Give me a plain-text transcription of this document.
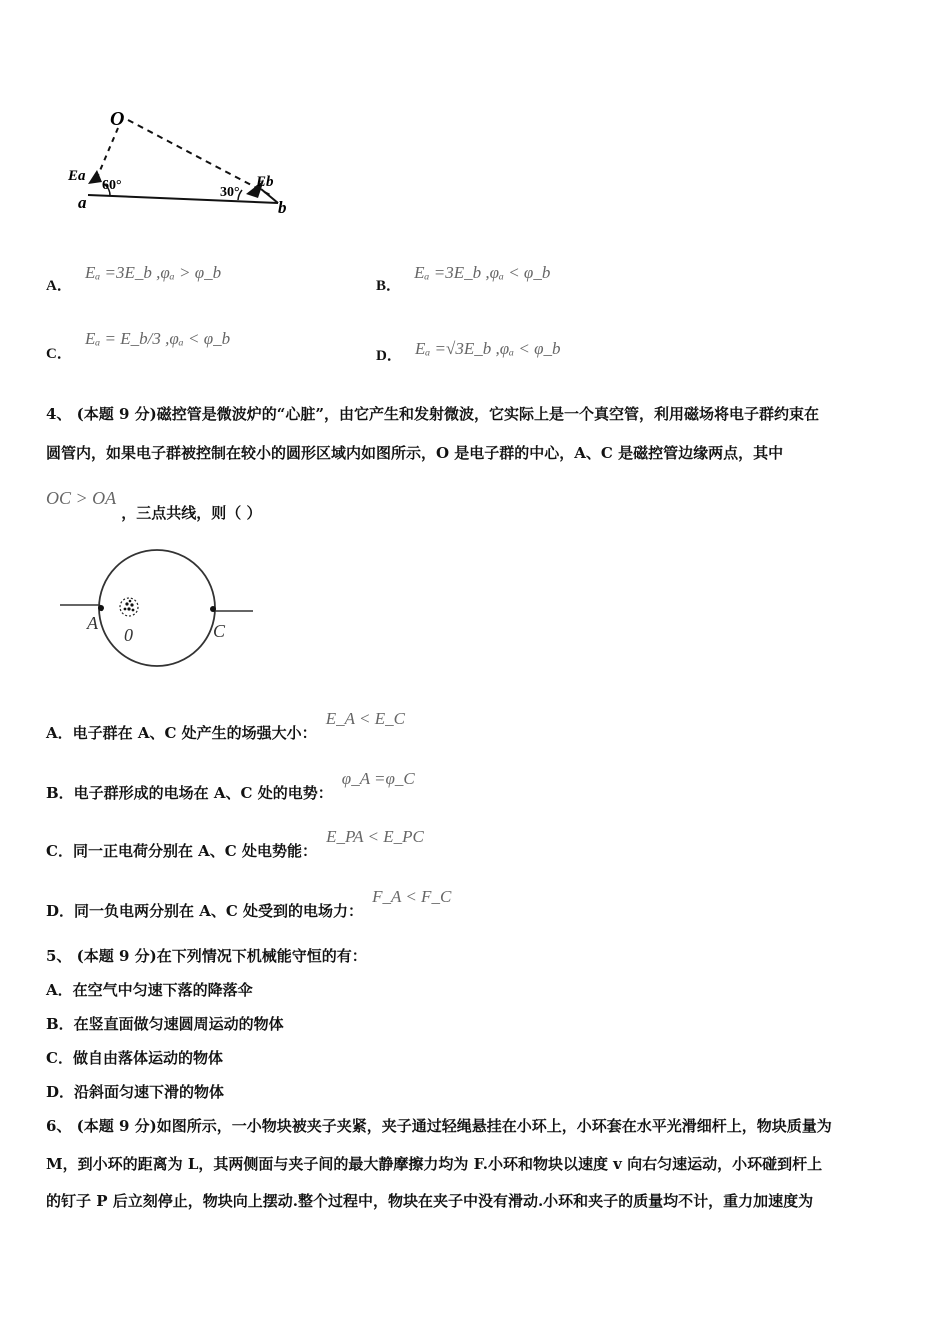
O
Ea
60°
a
30°
Eb
b
A． Eₐ =3E_b ,φₐ > φ_b
B． Eₐ =3E_b ,φₐ < φ_b
C． Eₐ = E_b/3 ,φₐ < φ_b
D． Eₐ =√3E_b ,φₐ < φ_b
4、 (本题 9 分)磁控管是微波炉的“心脏”，由它产生和发射微波，它实际上是一个真空管，利用磁场将电子群约束在
圆管内，如果电子群被控制在较小的圆形区域内如图所示，O 是电子群的中心，A、C 是磁控管边缘两点，其中
OC > OA ，三点共线，则（ ）
A
0	C
A．电子群在 A、C 处产生的场强大小： E_A < E_C
B．电子群形成的电场在 A、C 处的电势： φ_A =φ_C
C．同一正电荷分别在 A、C 处电势能： E_PA < E_PC
D．同一负电两分别在 A、C 处受到的电场力： F_A < F_C
5、 (本题 9 分)在下列情况下机械能守恒的有：
A．在空气中匀速下落的降落伞
B．在竖直面做匀速圆周运动的物体
C．做自由落体运动的物体
D．沿斜面匀速下滑的物体
6、 (本题 9 分)如图所示，一小物块被夹子夹紧，夹子通过轻绳悬挂在小环上，小环套在水平光滑细杆上，物块质量为
M，到小环的距离为 L，其两侧面与夹子间的最大静摩擦力均为 F.小环和物块以速度 v 向右匀速运动，小环碰到杆上
的钉子 P 后立刻停止，物块向上摆动.整个过程中，物块在夹子中没有滑动.小环和夹子的质量均不计，重力加速度为
